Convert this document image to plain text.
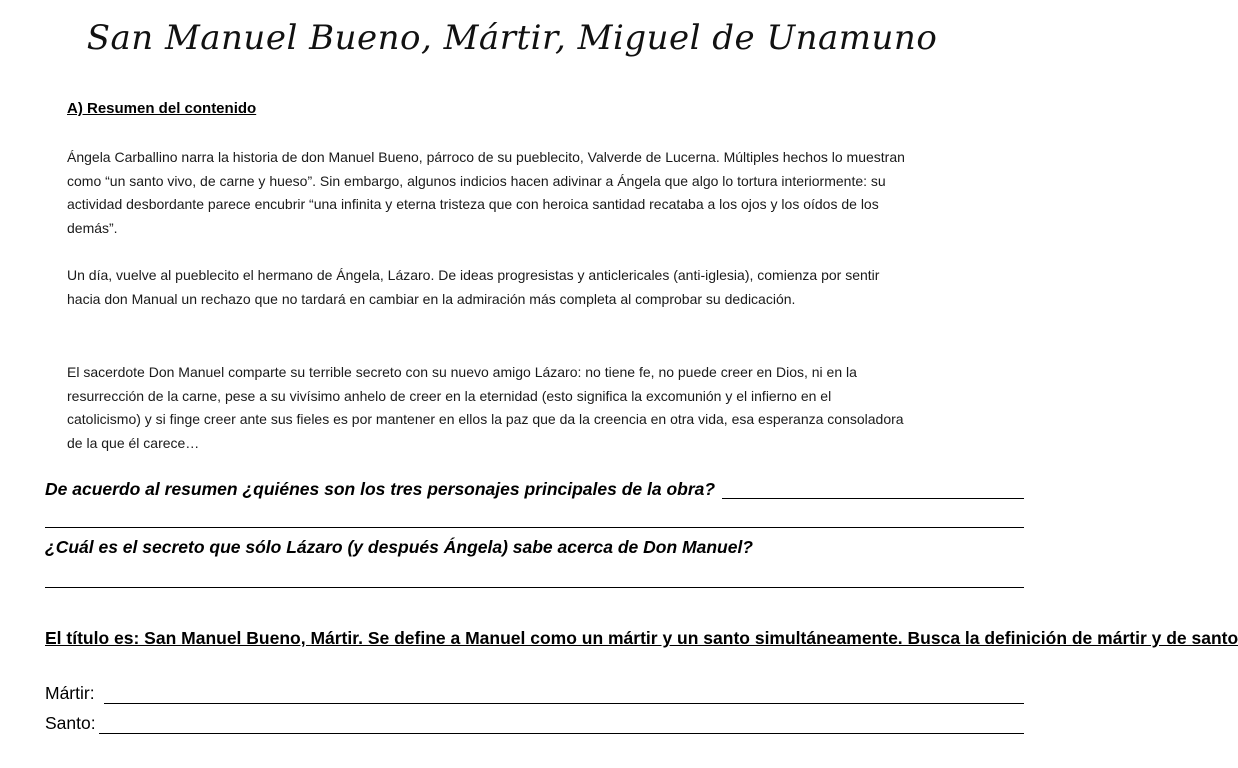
San Manuel Bueno, Mártir, Miguel de Unamuno
A) Resumen del contenido
Ángela Carballino narra la historia de don Manuel Bueno, párroco de su pueblecito, Valverde de Lucerna. Múltiples hechos lo muestran como “un santo vivo, de carne y hueso”. Sin embargo, algunos indicios hacen adivinar a Ángela que algo lo tortura interiormente: su actividad desbordante parece encubrir “una infinita y eterna tristeza que con heroica santidad recataba a los ojos y los oídos de los demás”.
Un día, vuelve al pueblecito el hermano de Ángela, Lázaro. De ideas progresistas y anticlericales (anti-iglesia), comienza por sentir hacia don Manual un rechazo que no tardará en cambiar en la admiración más completa al comprobar su dedicación.
El sacerdote Don Manuel comparte su terrible secreto con su nuevo amigo Lázaro: no tiene fe, no puede creer en Dios, ni en la resurrección de la carne, pese a su vivísimo anhelo de creer en la eternidad (esto significa la excomunión y el infierno en el catolicismo) y si finge creer ante sus fieles es por mantener en ellos la paz que da la creencia en otra vida, esa esperanza consoladora de la que él carece…
De acuerdo al resumen ¿quiénes son los tres personajes principales de la obra?
¿Cuál es el secreto que sólo Lázaro (y después Ángela) sabe acerca de Don Manuel?
El título es: San Manuel Bueno, Mártir. Se define a Manuel como un mártir y un santo simultáneamente. Busca la definición de mártir y de santo
Mártir:
Santo:
